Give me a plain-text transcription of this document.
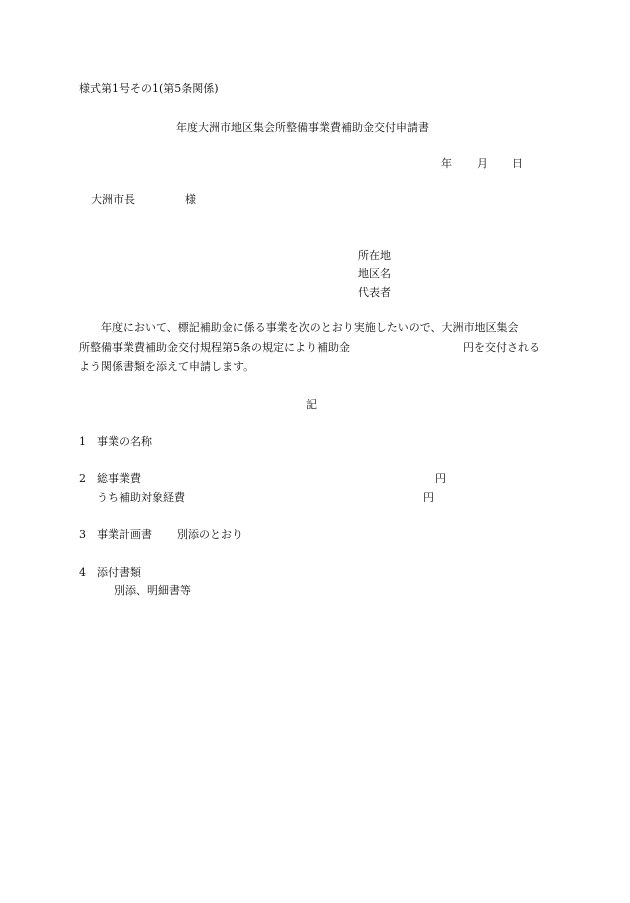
様式第1号その1(第5条関係)
年度大洲市地区集会所整備事業費補助金交付申請書
年 月 日
大洲市長	様
所在地
地区名
代表者
　　年度において、標記補助金に係る事業を次のとおり実施したいので、大洲市地区集会
所整備事業費補助金交付規程第5条の規定により補助金	円を交付される
よう関係書類を添えて申請します。
記
1 事業の名称
2 総事業費	円
うち補助対象経費	円
3 事業計画書 別添のとおり
4 添付書類
別添、明細書等
